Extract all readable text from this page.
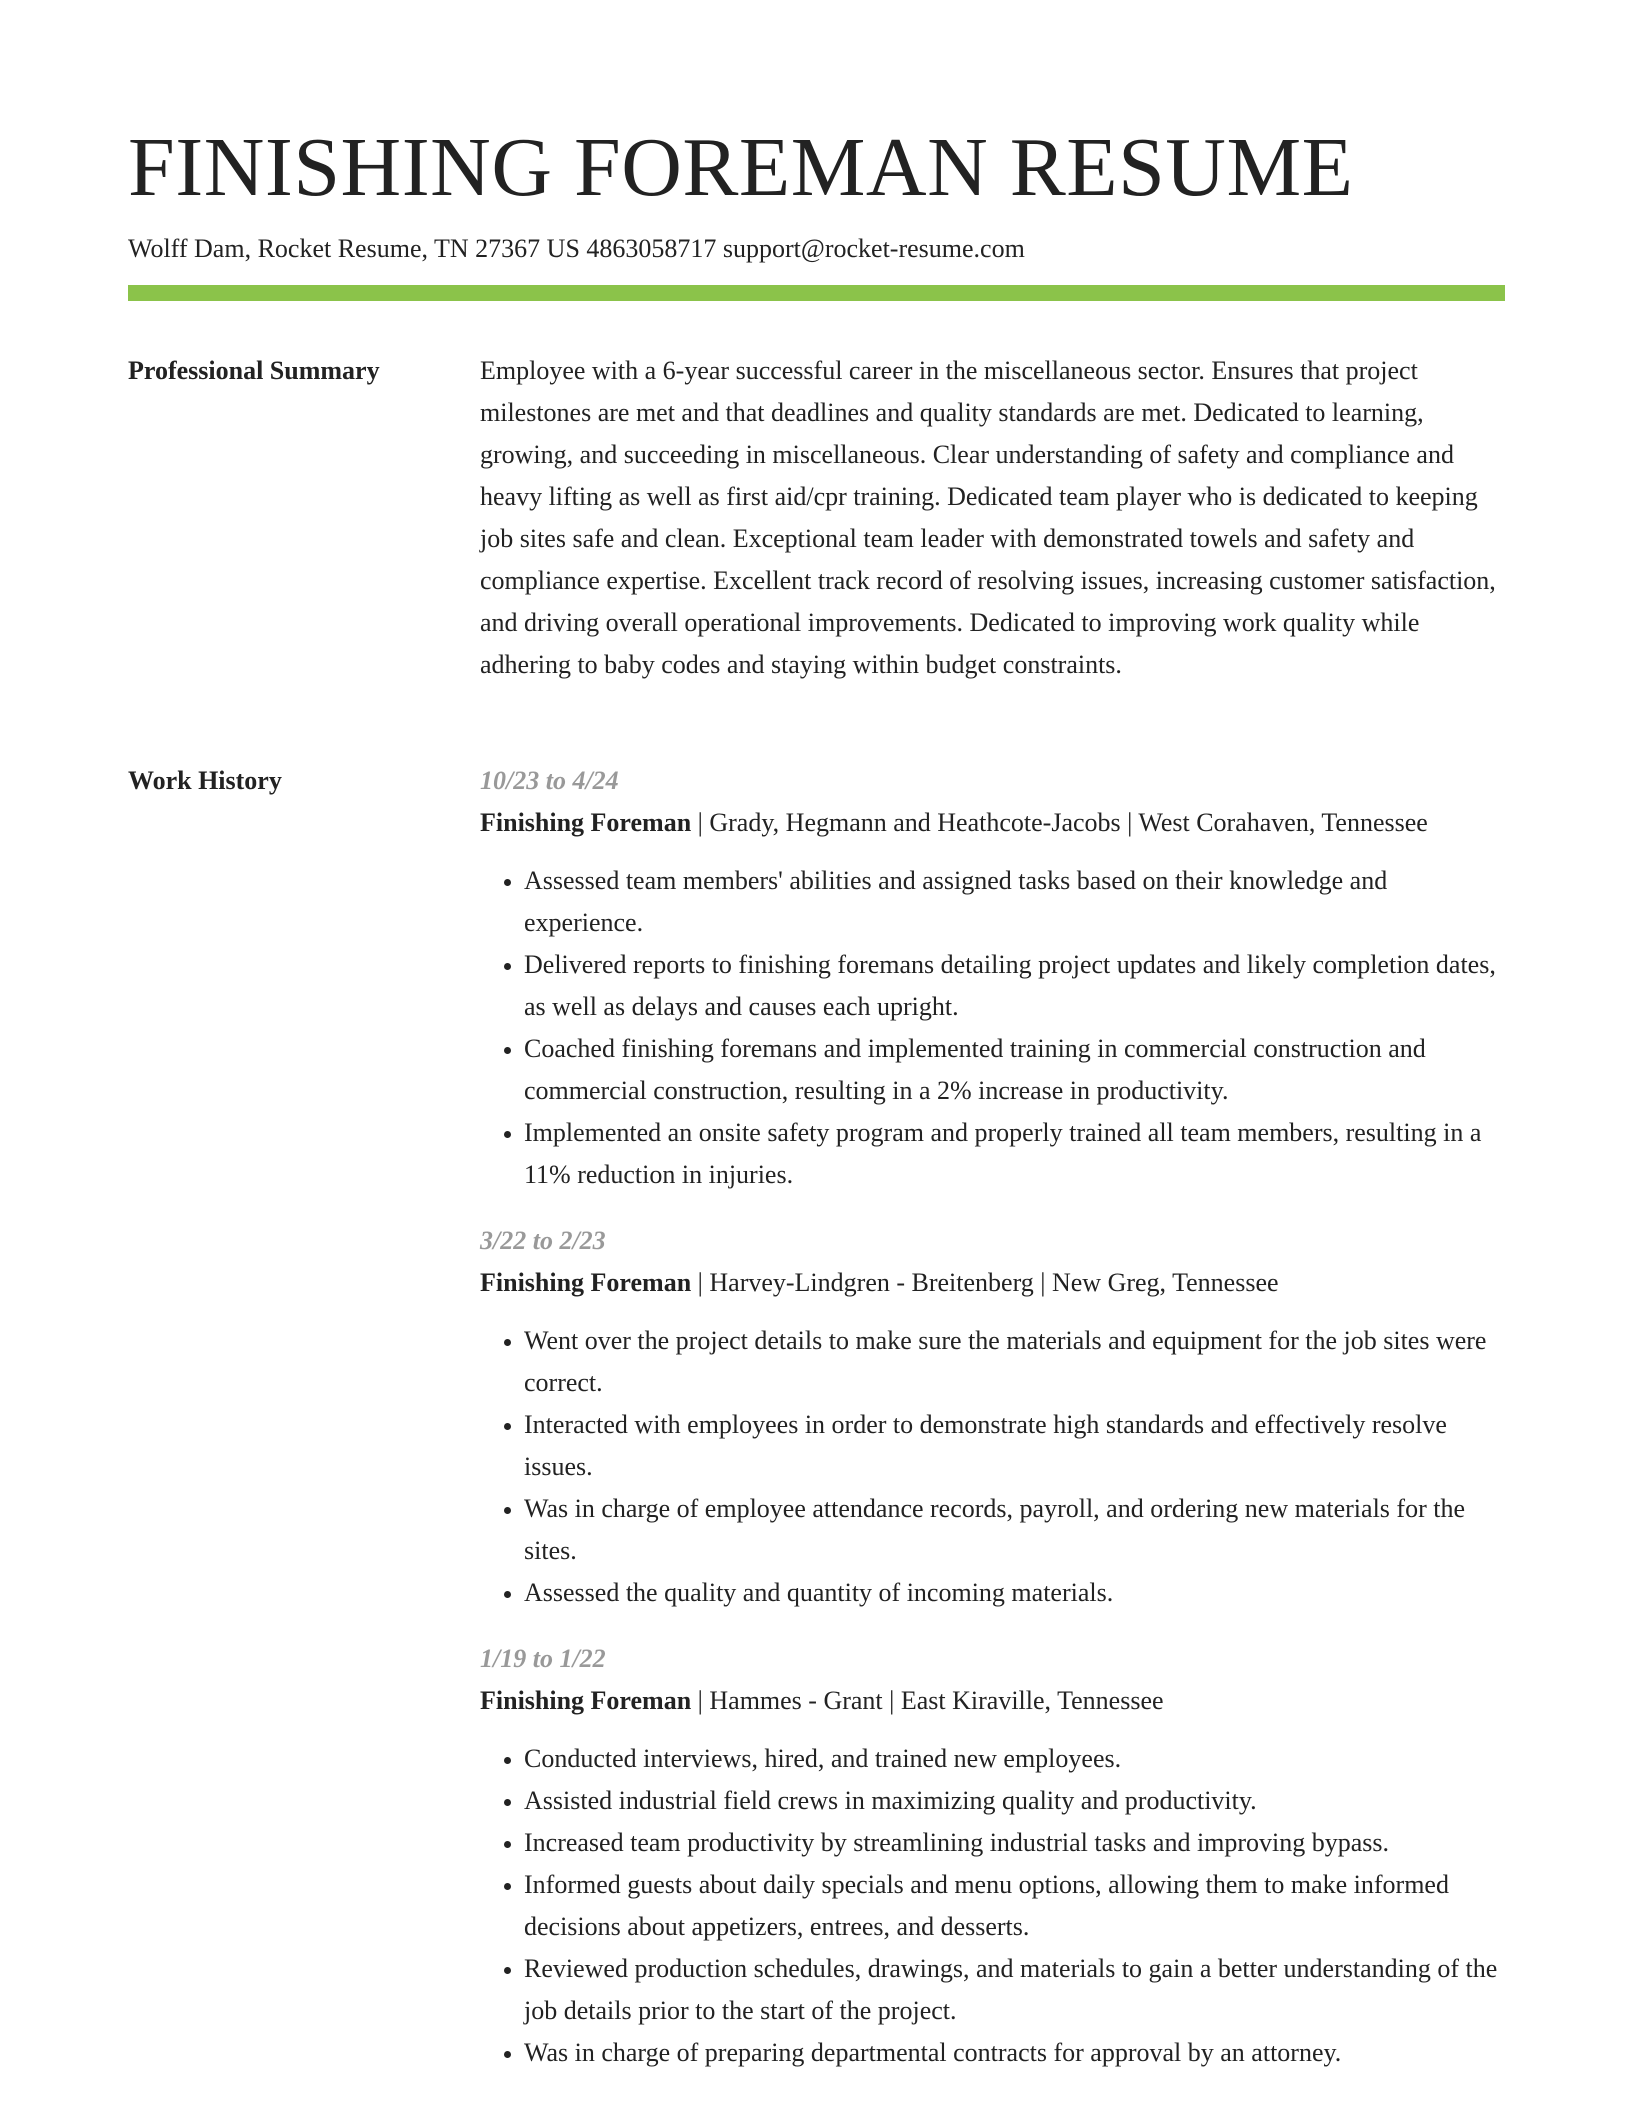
FINISHING FOREMAN RESUME
Wolff Dam, Rocket Resume, TN 27367 US 4863058717 support@rocket-resume.com
Professional Summary	Employee with a 6-year successful career in the miscellaneous sector. Ensures that project milestones are met and that deadlines and quality standards are met. Dedicated to learning, growing, and succeeding in miscellaneous. Clear understanding of safety and compliance and heavy lifting as well as first aid/cpr training. Dedicated team player who is dedicated to keeping job sites safe and clean. Exceptional team leader with demonstrated towels and safety and compliance expertise. Excellent track record of resolving issues, increasing customer satisfaction, and driving overall operational improvements. Dedicated to improving work quality while adhering to baby codes and staying within budget constraints.
Work History	10/23 to 4/24
Finishing Foreman | Grady, Hegmann and Heathcote-Jacobs | West Corahaven, Tennessee
• Assessed team members' abilities and assigned tasks based on their knowledge and experience.
• Delivered reports to finishing foremans detailing project updates and likely completion dates, as well as delays and causes each upright.
• Coached finishing foremans and implemented training in commercial construction and commercial construction, resulting in a 2% increase in productivity.
• Implemented an onsite safety program and properly trained all team members, resulting in a 11% reduction in injuries.
3/22 to 2/23
Finishing Foreman | Harvey-Lindgren - Breitenberg | New Greg, Tennessee
• Went over the project details to make sure the materials and equipment for the job sites were correct.
• Interacted with employees in order to demonstrate high standards and effectively resolve issues.
• Was in charge of employee attendance records, payroll, and ordering new materials for the sites.
• Assessed the quality and quantity of incoming materials.
1/19 to 1/22
Finishing Foreman | Hammes - Grant | East Kiraville, Tennessee
• Conducted interviews, hired, and trained new employees.
• Assisted industrial field crews in maximizing quality and productivity.
• Increased team productivity by streamlining industrial tasks and improving bypass.
• Informed guests about daily specials and menu options, allowing them to make informed decisions about appetizers, entrees, and desserts.
• Reviewed production schedules, drawings, and materials to gain a better understanding of the job details prior to the start of the project.
• Was in charge of preparing departmental contracts for approval by an attorney.
